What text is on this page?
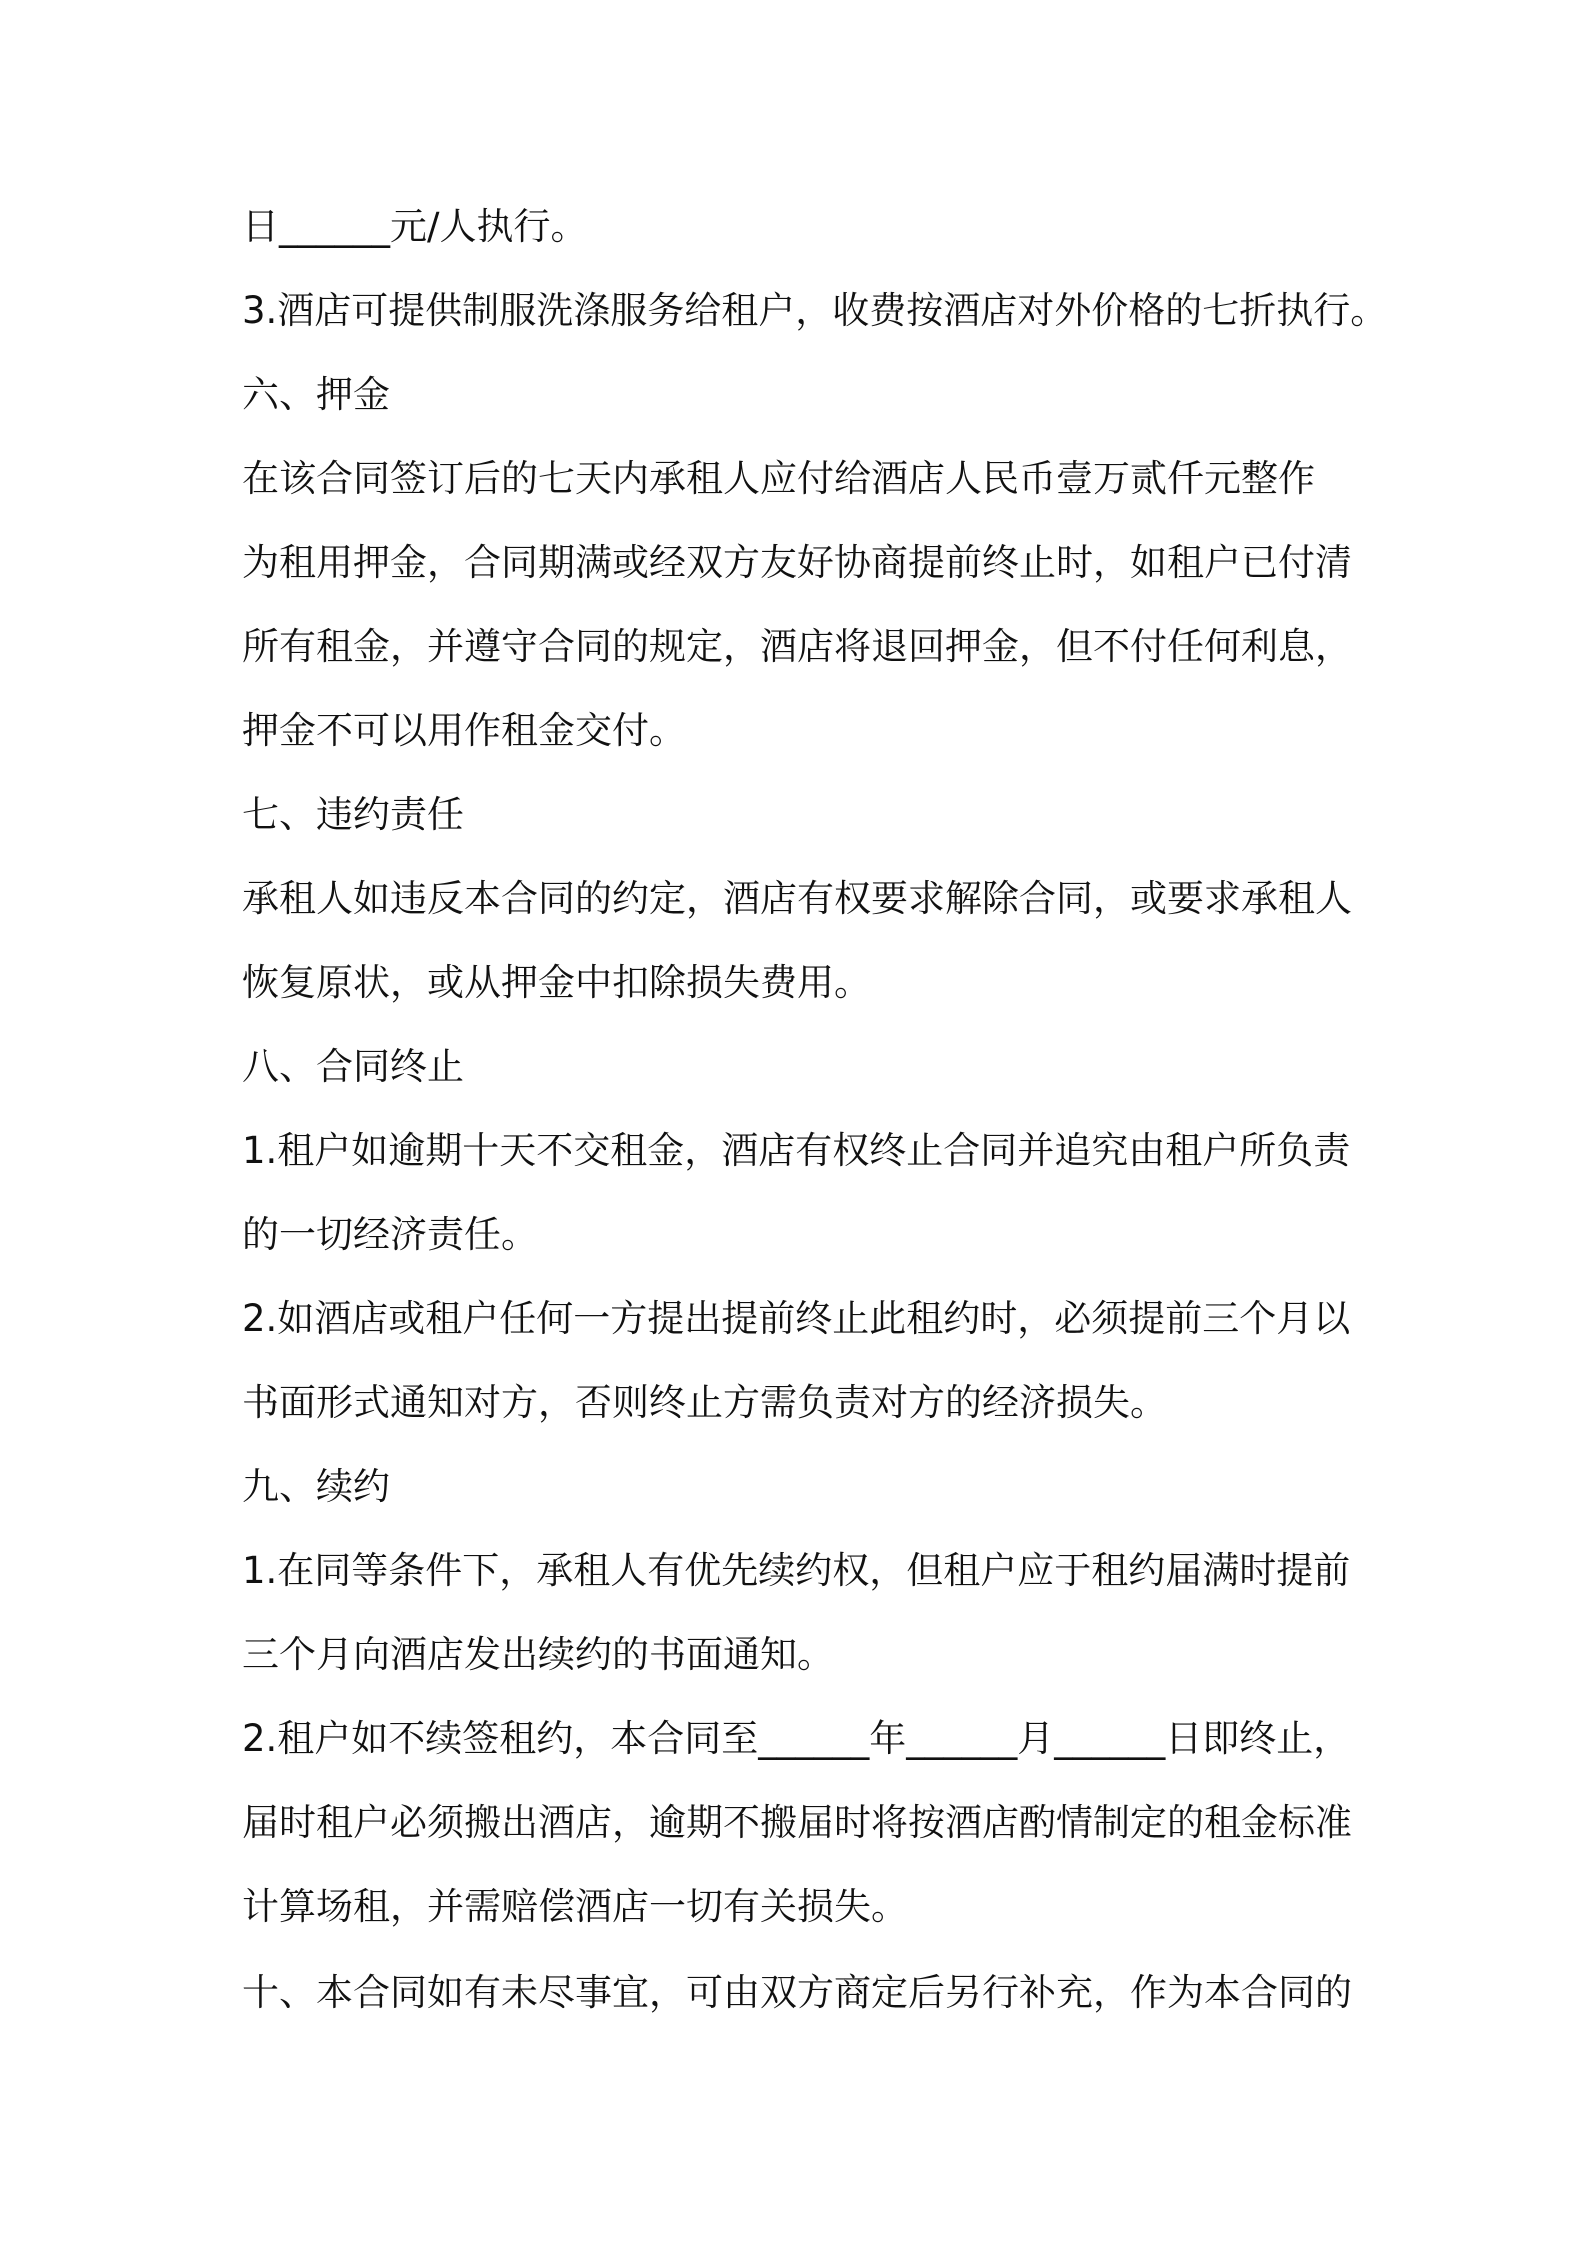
日______元/人执行。
3.酒店可提供制服洗涤服务给租户，收费按酒店对外价格的七折执行。
六、押金
在该合同签订后的七天内承租人应付给酒店人民币壹万贰仟元整作
为租用押金，合同期满或经双方友好协商提前终止时，如租户已付清
所有租金，并遵守合同的规定，酒店将退回押金，但不付任何利息，
押金不可以用作租金交付。
七、违约责任
承租人如违反本合同的约定，酒店有权要求解除合同，或要求承租人
恢复原状，或从押金中扣除损失费用。
八、合同终止
1.租户如逾期十天不交租金，酒店有权终止合同并追究由租户所负责
的一切经济责任。
2.如酒店或租户任何一方提出提前终止此租约时，必须提前三个月以
书面形式通知对方，否则终止方需负责对方的经济损失。
九、续约
1.在同等条件下，承租人有优先续约权，但租户应于租约届满时提前
三个月向酒店发出续约的书面通知。
2.租户如不续签租约，本合同至______年______月______日即终止，
届时租户必须搬出酒店，逾期不搬届时将按酒店酌情制定的租金标准
计算场租，并需赔偿酒店一切有关损失。
十、本合同如有未尽事宜，可由双方商定后另行补充，作为本合同的
